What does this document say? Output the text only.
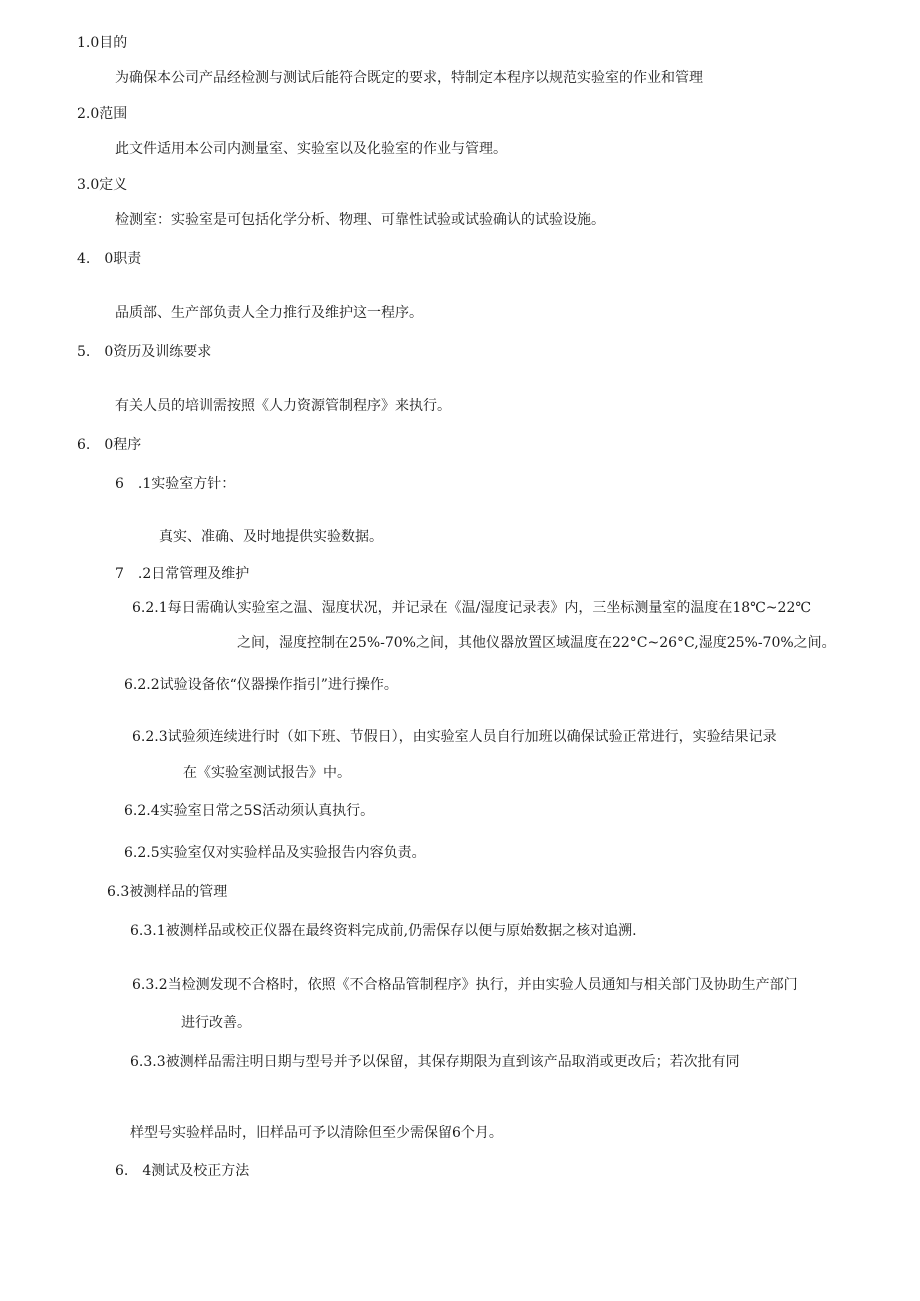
1.0目的
为确保本公司产品经检测与测试后能符合既定的要求，特制定本程序以规范实验室的作业和管理
2.0范围
此文件适用本公司内测量室、实验室以及化验室的作业与管理。
3.0定义
检测室：实验室是可包括化学分析、物理、可靠性试验或试验确认的试验设施。
4.　0职责
品质部、生产部负责人全力推行及维护这一程序。
5.　0资历及训练要求
有关人员的培训需按照《人力资源管制程序》来执行。
6.　0程序
6　.1实验室方针：
真实、准确、及时地提供实验数据。
7　.2日常管理及维护
6.2.1每日需确认实验室之温、湿度状况，并记录在《温/湿度记录表》内，三坐标测量室的温度在18℃~22℃
之间，湿度控制在25%-70%之间，其他仪器放置区域温度在22°C~26°C,湿度25%-70%之间。
6.2.2试验设备依“仪器操作指引”进行操作。
6.2.3试验须连续进行时（如下班、节假日），由实验室人员自行加班以确保试验正常进行，实验结果记录
在《实验室测试报告》中。
6.2.4实验室日常之5S活动须认真执行。
6.2.5实验室仅对实验样品及实验报告内容负责。
6.3被测样品的管理
6.3.1被测样品或校正仪器在最终资料完成前,仍需保存以便与原始数据之核对追溯.
6.3.2当检测发现不合格时，依照《不合格品管制程序》执行，并由实验人员通知与相关部门及协助生产部门
进行改善。
6.3.3被测样品需注明日期与型号并予以保留，其保存期限为直到该产品取消或更改后；若次批有同
样型号实验样品时，旧样品可予以清除但至少需保留6个月。
6.　4测试及校正方法
